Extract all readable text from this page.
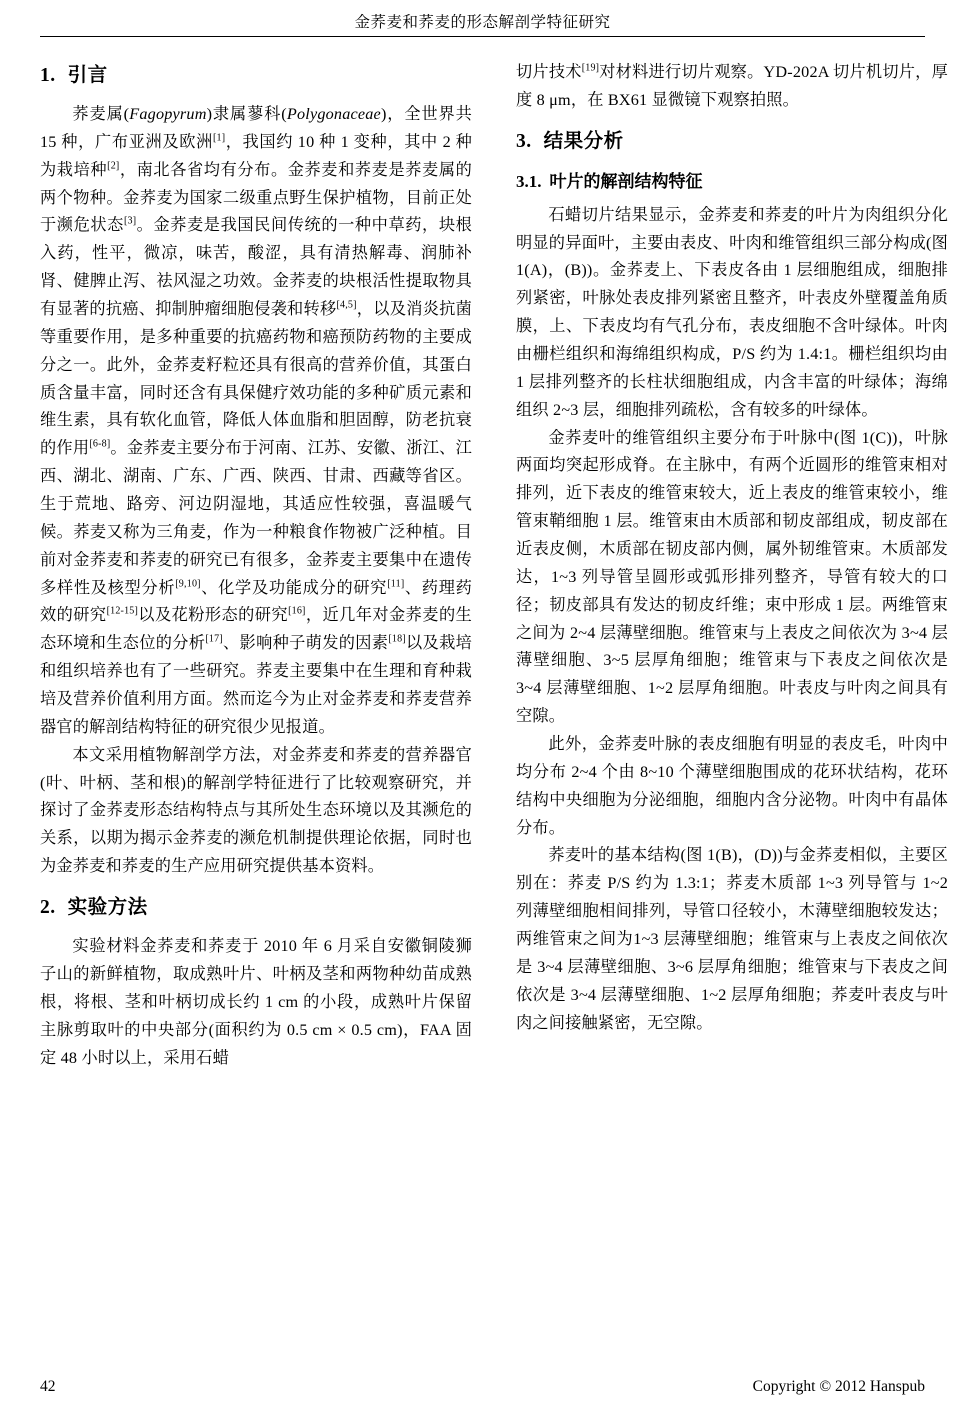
金荞麦和荞麦的形态解剖学特征研究
1. 引言

荞麦属(Fagopyrum)隶属蓼科(Polygonaceae)，全世界共 15 种，广布亚洲及欧洲[1]，我国约 10 种 1 变种，其中 2 种为栽培种[2]，南北各省均有分布。金荞麦和荞麦是荞麦属的两个物种。金荞麦为国家二级重点野生保护植物，目前正处于濒危状态[3]。金荞麦是我国民间传统的一种中草药，块根入药，性平，微凉，味苦，酸涩，具有清热解毒、润肺补肾、健脾止泻、祛风湿之功效。金荞麦的块根活性提取物具有显著的抗癌、抑制肿瘤细胞侵袭和转移[4,5]，以及消炎抗菌等重要作用，是多种重要的抗癌药物和癌预防药物的主要成分之一。此外，金荞麦籽粒还具有很高的营养价值，其蛋白质含量丰富，同时还含有具保健疗效功能的多种矿质元素和维生素，具有软化血管，降低人体血脂和胆固醇，防老抗衰的作用[6-8]。金荞麦主要分布于河南、江苏、安徽、浙江、江西、湖北、湖南、广东、广西、陕西、甘肃、西藏等省区。生于荒地、路旁、河边阴湿地，其适应性较强，喜温暖气候。荞麦又称为三角麦，作为一种粮食作物被广泛种植。目前对金荞麦和荞麦的研究已有很多，金荞麦主要集中在遗传多样性及核型分析[9,10]、化学及功能成分的研究[11]、药理药效的研究[12-15]以及花粉形态的研究[16]，近几年对金荞麦的生态环境和生态位的分析[17]、影响种子萌发的因素[18]以及栽培和组织培养也有了一些研究。荞麦主要集中在生理和育种栽培及营养价值利用方面。然而迄今为止对金荞麦和荞麦营养器官的解剖结构特征的研究很少见报道。

本文采用植物解剖学方法，对金荞麦和荞麦的营养器官(叶、叶柄、茎和根)的解剖学特征进行了比较观察研究，并探讨了金荞麦形态结构特点与其所处生态环境以及其濒危的关系，以期为揭示金荞麦的濒危机制提供理论依据，同时也为金荞麦和荞麦的生产应用研究提供基本资料。

2. 实验方法

实验材料金荞麦和荞麦于 2010 年 6 月采自安徽铜陵狮子山的新鲜植物，取成熟叶片、叶柄及茎和两物种幼苗成熟根，将根、茎和叶柄切成长约 1 cm 的小段，成熟叶片保留主脉剪取叶的中央部分(面积约为 0.5 cm × 0.5 cm)，FAA 固定 48 小时以上，采用石蜡

切片技术[19]对材料进行切片观察。YD-202A 切片机切片，厚度 8 μm，在 BX61 显微镜下观察拍照。

3. 结果分析
3.1. 叶片的解剖结构特征

石蜡切片结果显示，金荞麦和荞麦的叶片为肉组织分化明显的异面叶，主要由表皮、叶肉和维管组织三部分构成(图 1(A)，(B))。金荞麦上、下表皮各由 1 层细胞组成，细胞排列紧密，叶脉处表皮排列紧密且整齐，叶表皮外壁覆盖角质膜，上、下表皮均有气孔分布，表皮细胞不含叶绿体。叶肉由栅栏组织和海绵组织构成，P/S 约为 1.4:1。栅栏组织均由 1 层排列整齐的长柱状细胞组成，内含丰富的叶绿体；海绵组织 2~3 层，细胞排列疏松，含有较多的叶绿体。

金荞麦叶的维管组织主要分布于叶脉中(图 1(C))，叶脉两面均突起形成脊。在主脉中，有两个近圆形的维管束相对排列，近下表皮的维管束较大，近上表皮的维管束较小，维管束鞘细胞 1 层。维管束由木质部和韧皮部组成，韧皮部在近表皮侧，木质部在韧皮部内侧，属外韧维管束。木质部发达，1~3 列导管呈圆形或弧形排列整齐，导管有较大的口径；韧皮部具有发达的韧皮纤维；束中形成 1 层。两维管束之间为 2~4 层薄壁细胞。维管束与上表皮之间依次为 3~4 层薄壁细胞、3~5 层厚角细胞；维管束与下表皮之间依次是 3~4 层薄壁细胞、1~2 层厚角细胞。叶表皮与叶肉之间具有空隙。

此外，金荞麦叶脉的表皮细胞有明显的表皮毛，叶肉中均分布 2~4 个由 8~10 个薄壁细胞围成的花环状结构，花环结构中央细胞为分泌细胞，细胞内含分泌物。叶肉中有晶体分布。

荞麦叶的基本结构(图 1(B)，(D))与金荞麦相似，主要区别在：荞麦 P/S 约为 1.3:1；荞麦木质部 1~3 列导管与 1~2 列薄壁细胞相间排列，导管口径较小，木薄壁细胞较发达；两维管束之间为1~3 层薄壁细胞；维管束与上表皮之间依次是 3~4 层薄壁细胞、3~6 层厚角细胞；维管束与下表皮之间依次是 3~4 层薄壁细胞、1~2 层厚角细胞；荞麦叶表皮与叶肉之间接触紧密，无空隙。

42	Copyright © 2012 Hanspub
